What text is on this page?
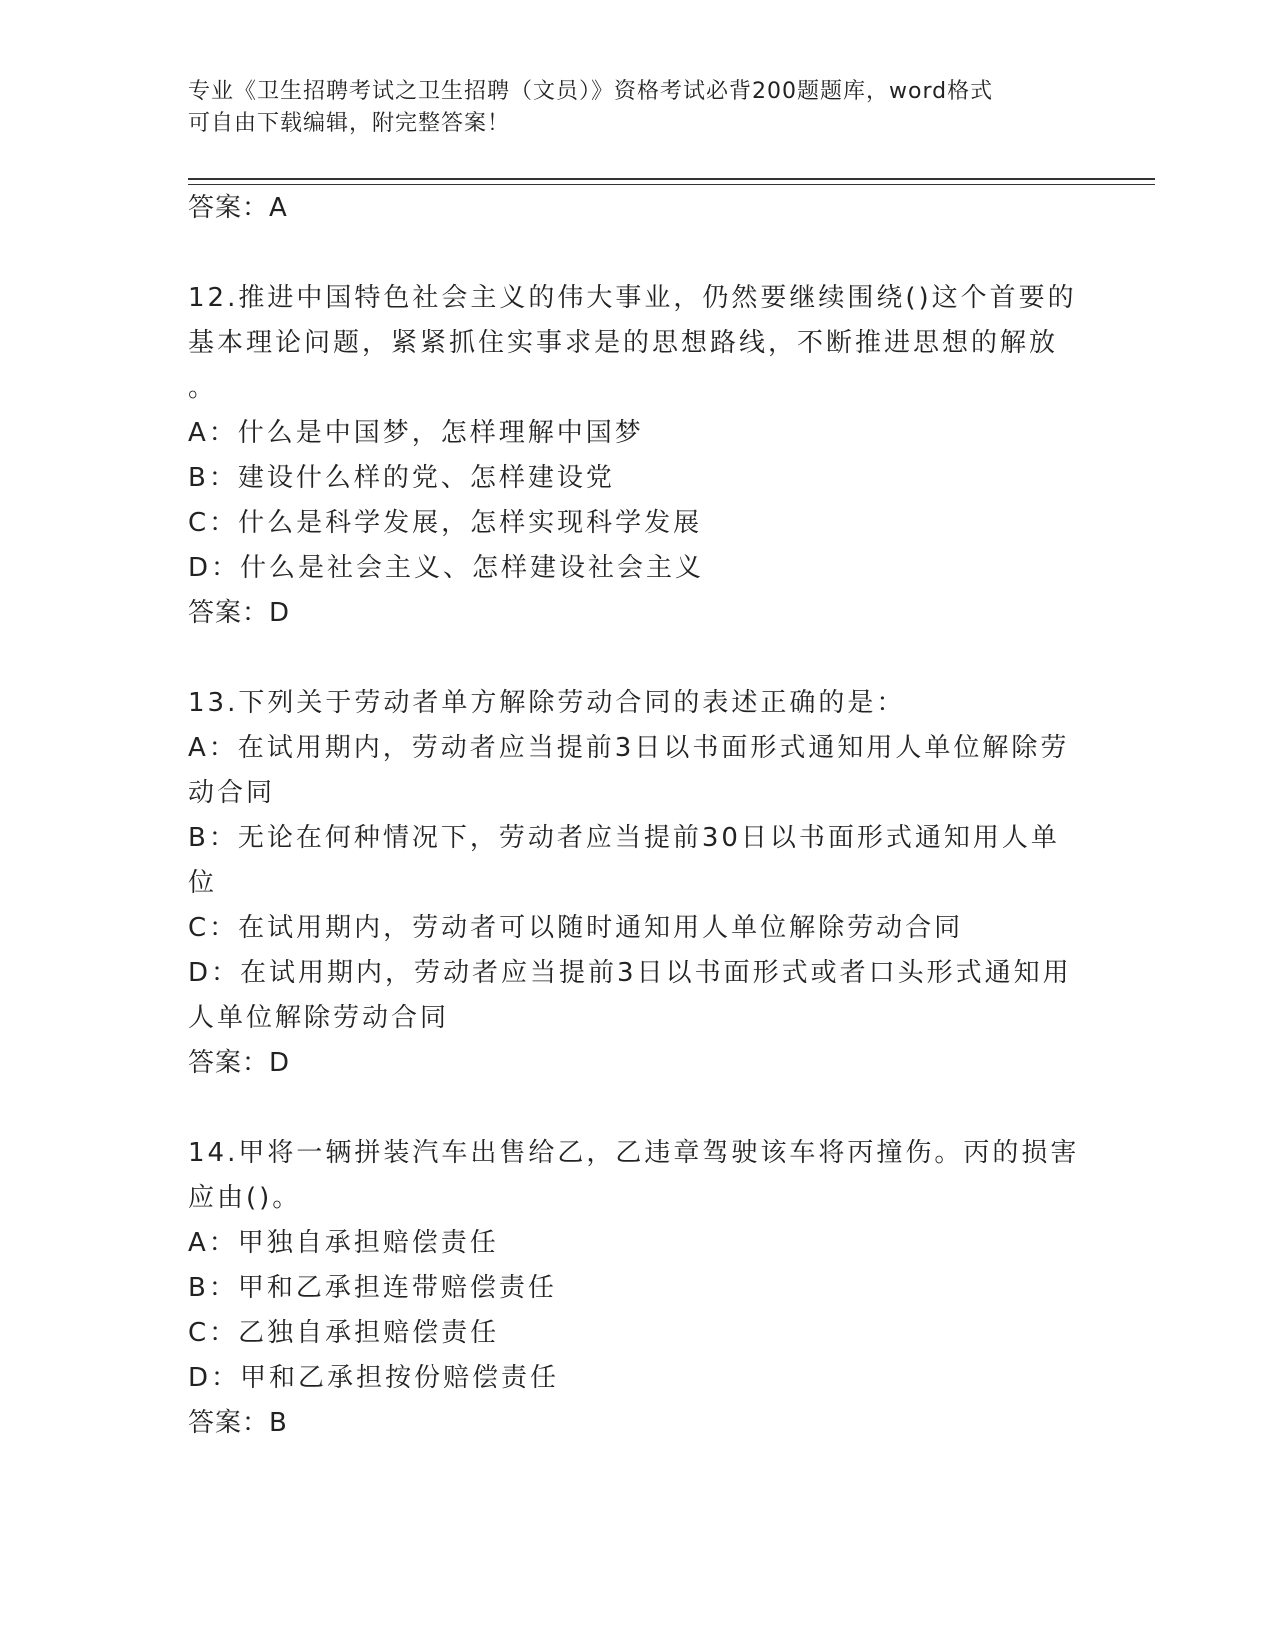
专业《卫生招聘考试之卫生招聘（文员）》资格考试必背200题题库，word格式
可自由下载编辑，附完整答案！
答案：A
12.推进中国特色社会主义的伟大事业，仍然要继续围绕()这个首要的
基本理论问题，紧紧抓住实事求是的思想路线，不断推进思想的解放
。
A：什么是中国梦，怎样理解中国梦
B：建设什么样的党、怎样建设党
C：什么是科学发展，怎样实现科学发展
D：什么是社会主义、怎样建设社会主义
答案：D
13.下列关于劳动者单方解除劳动合同的表述正确的是：
A：在试用期内，劳动者应当提前3日以书面形式通知用人单位解除劳
动合同
B：无论在何种情况下，劳动者应当提前30日以书面形式通知用人单
位
C：在试用期内，劳动者可以随时通知用人单位解除劳动合同
D：在试用期内，劳动者应当提前3日以书面形式或者口头形式通知用
人单位解除劳动合同
答案：D
14.甲将一辆拼装汽车出售给乙，乙违章驾驶该车将丙撞伤。丙的损害
应由()。
A：甲独自承担赔偿责任
B：甲和乙承担连带赔偿责任
C：乙独自承担赔偿责任
D：甲和乙承担按份赔偿责任
答案：B
